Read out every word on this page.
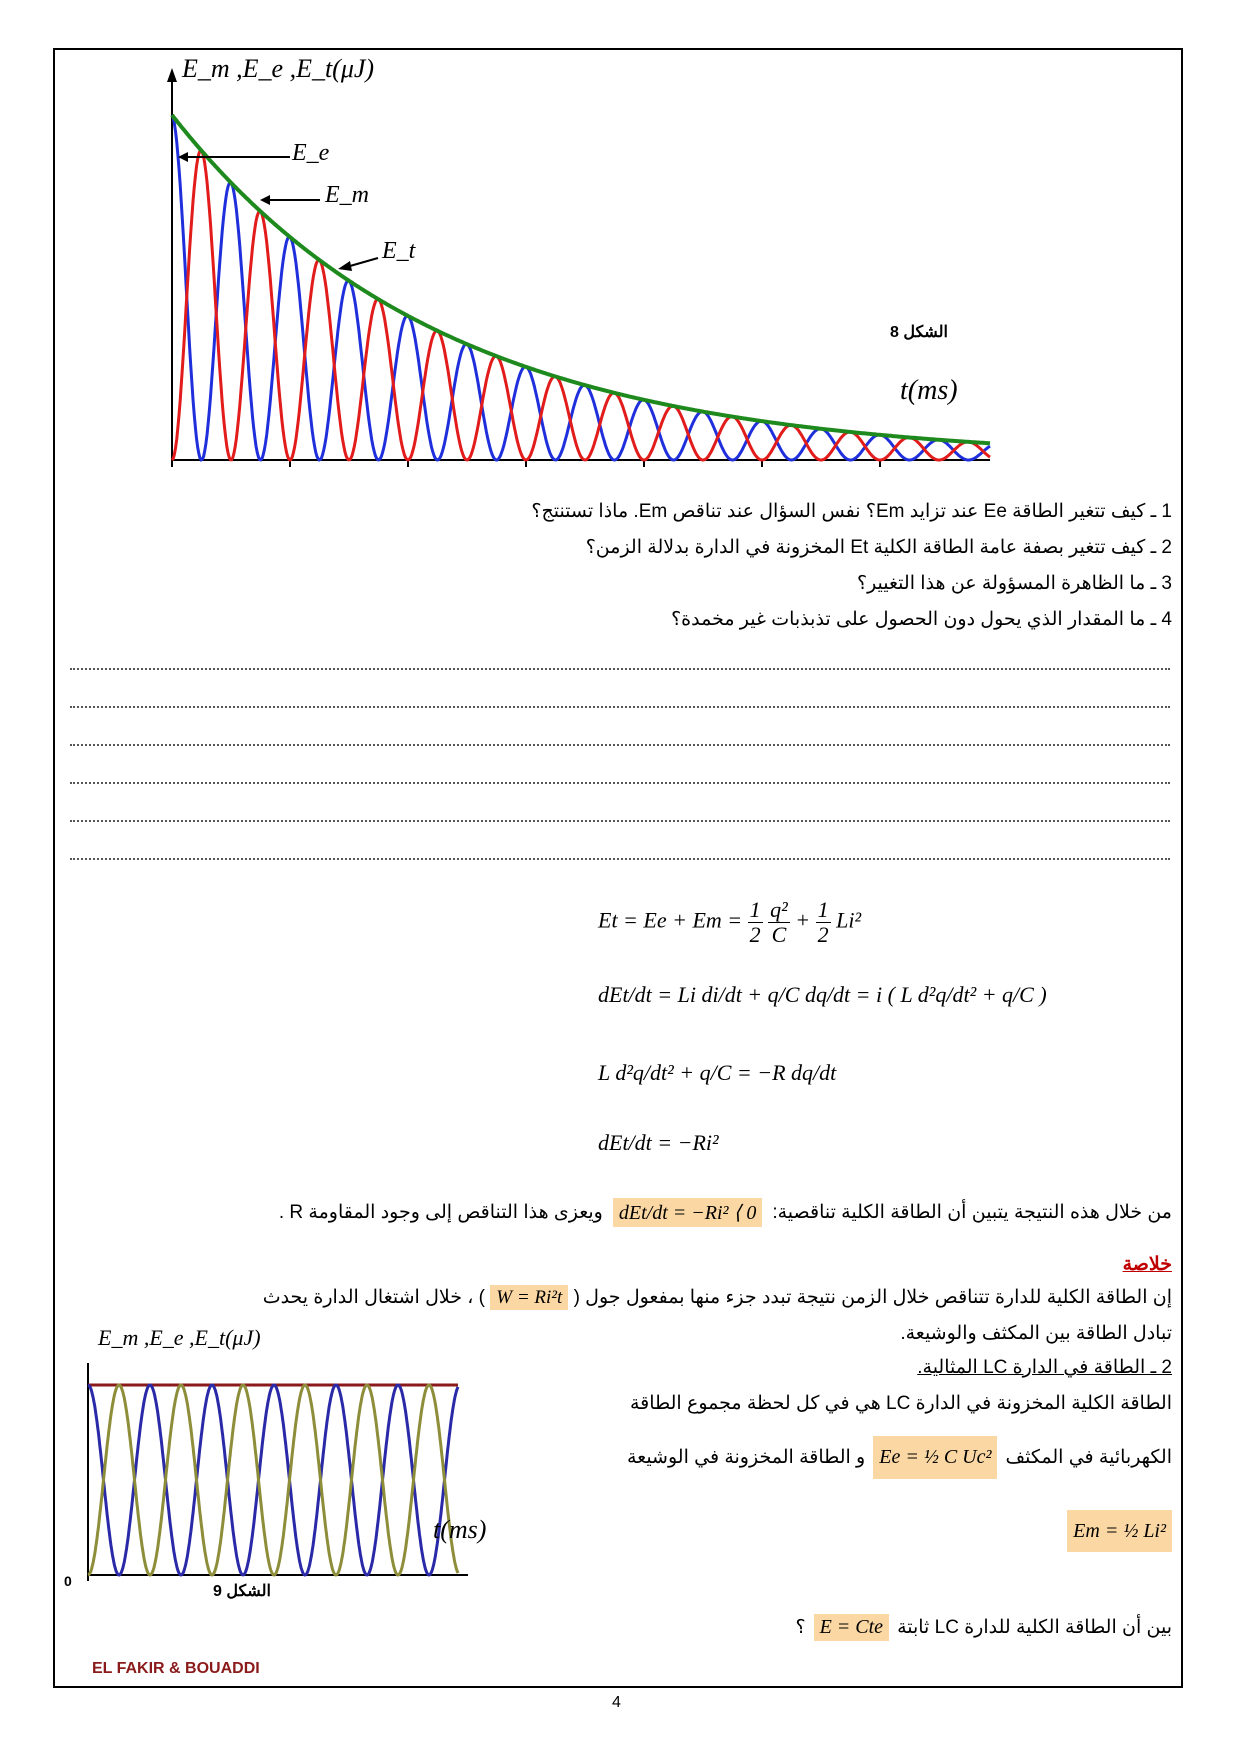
E_m ,E_e ,E_t(μJ)
E_e
E_m
E_t
t(ms)
الشكل 8
1 ـ كيف تتغير الطاقة Ee عند تزايد Em؟ نفس السؤال عند تناقص Em. ماذا تستنتج؟
2 ـ كيف تتغير بصفة عامة الطاقة الكلية Et المخزونة في الدارة بدلالة الزمن؟
3 ـ ما الظاهرة المسؤولة عن هذا التغيير؟
4 ـ ما المقدار الذي يحول دون الحصول على تذبذبات غير مخمدة؟
$Et = Ee + Em = \frac{1}{2}$
$\frac{\text{q²}}{C} + \frac{1}{2} Li^2$
dEt/dt = Li di/dt + q/C dq/dt = i ( L d²q/dt² + q/C )
L d²q/dt² + q/C = −R dq/dt
dEt/dt = −Ri²
من خلال هذه النتيجة يتبين أن الطاقة الكلية تناقصية:
dEt/dt = −Ri² ⟨ 0
ويعزى هذا التناقص إلى وجود المقاومة R .
خلاصة
إن الطاقة الكلية للدارة تتناقص خلال الزمن نتيجة تبدد جزء منها بمفعول جول ( W = Ri²t ) ، خلال اشتغال الدارة يحدث
تبادل الطاقة بين المكثف والوشيعة.
2 ـ الطاقة في الدارة LC المثالية.
الطاقة الكلية المخزونة في الدارة LC هي في كل لحظة مجموع الطاقة
الكهربائية في المكثف
Ee = ½ C Uc²
و الطاقة المخزونة في الوشيعة
Em = ½ Li²
بين أن الطاقة الكلية للدارة LC ثابتة
E = Cte
؟
E_m ,E_e ,E_t(μJ)
t(ms)
0
الشكل 9
EL FAKIR & BOUADDI
4
